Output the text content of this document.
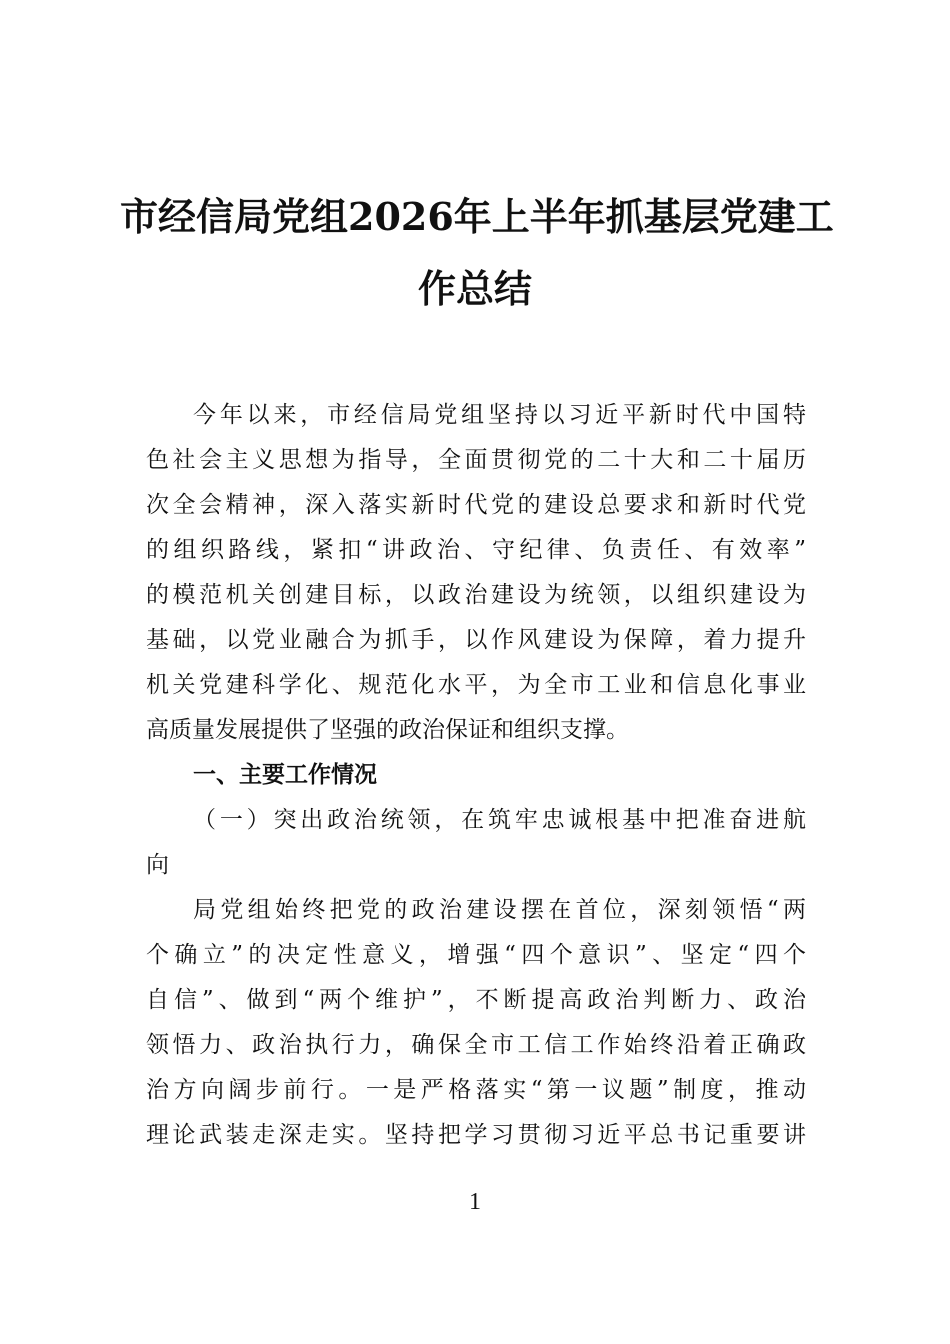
市经信局党组2026年上半年抓基层党建工
作总结

今年以来，市经信局党组坚持以习近平新时代中国特

色社会主义思想为指导，全面贯彻党的二十大和二十届历

次全会精神，深入落实新时代党的建设总要求和新时代党

的组织路线，紧扣“讲政治、守纪律、负责任、有效率”

的模范机关创建目标，以政治建设为统领，以组织建设为

基础，以党业融合为抓手，以作风建设为保障，着力提升

机关党建科学化、规范化水平，为全市工业和信息化事业

高质量发展提供了坚强的政治保证和组织支撑。

一、主要工作情况

（一）突出政治统领，在筑牢忠诚根基中把准奋进航

向

局党组始终把党的政治建设摆在首位，深刻领悟“两

个确立”的决定性意义，增强“四个意识”、坚定“四个

自信”、做到“两个维护”，不断提高政治判断力、政治

领悟力、政治执行力，确保全市工信工作始终沿着正确政

治方向阔步前行。一是严格落实“第一议题”制度，推动

理论武装走深走实。坚持把学习贯彻习近平总书记重要讲

1
